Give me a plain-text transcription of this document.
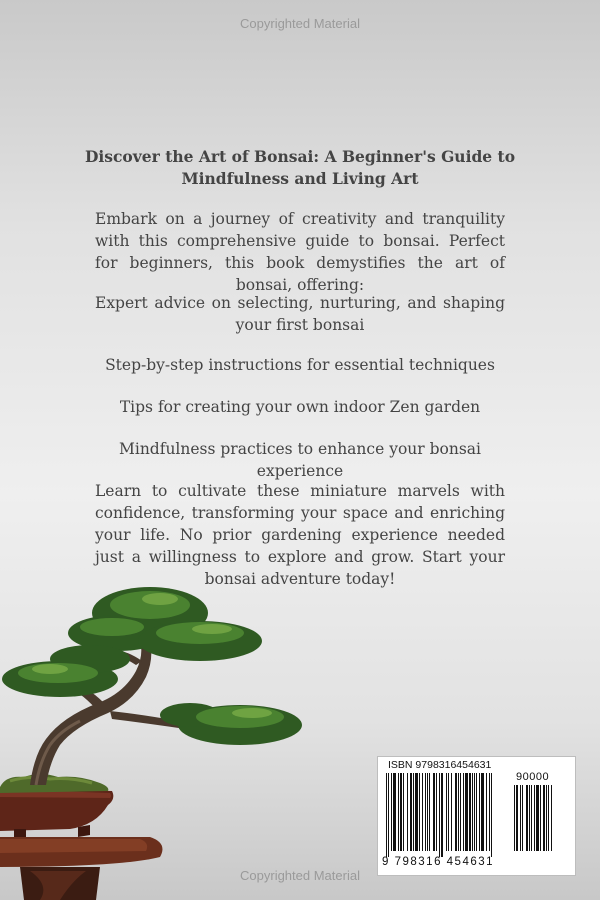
Copyrighted Material
Discover the Art of Bonsai: A Beginner's Guide to
Mindfulness and Living Art
Embark on a journey of creativity and tranquility with this comprehensive guide to bonsai. Perfect for beginners, this book demystifies the art of bonsai, offering:
Expert advice on selecting, nurturing, and shaping your first bonsai
Step-by-step instructions for essential techniques
Tips for creating your own indoor Zen garden
Mindfulness practices to enhance your bonsai experience
Learn to cultivate these miniature marvels with confidence, transforming your space and enriching your life. No prior gardening experience needed just a willingness to explore and grow. Start your bonsai adventure today!
ISBN 9798316454631
90000
9 798316 454631
Copyrighted Material
